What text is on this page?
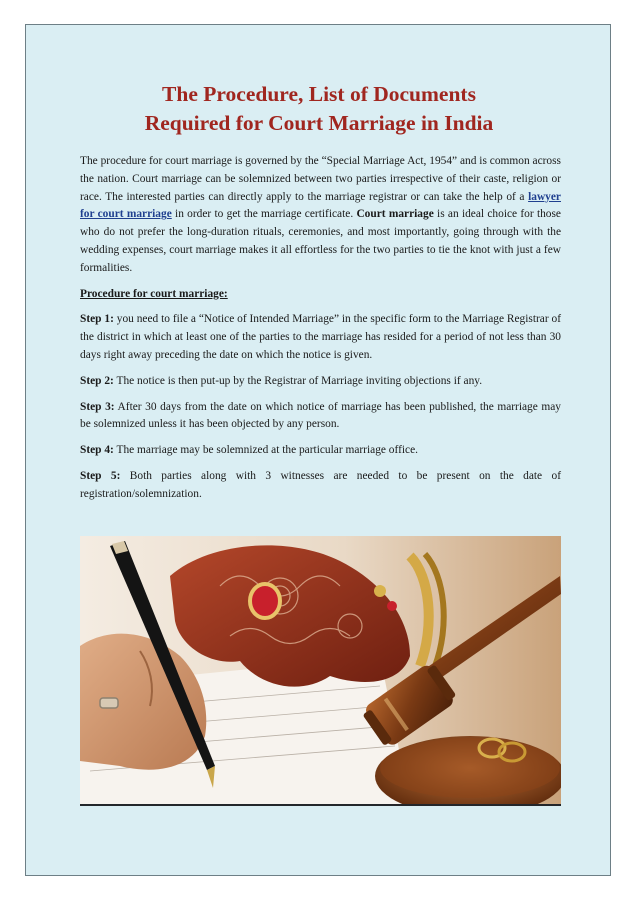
The Procedure, List of Documents
Required for Court Marriage in India

The procedure for court marriage is governed by the “Special Marriage Act, 1954” and is common across the nation. Court marriage can be solemnized between two parties irrespective of their caste, religion or race. The interested parties can directly apply to the marriage registrar or can take the help of a lawyer for court marriage in order to get the marriage certificate. Court marriage is an ideal choice for those who do not prefer the long-duration rituals, ceremonies, and most importantly, going through with the wedding expenses, court marriage makes it all effortless for the two parties to tie the knot with just a few formalities.

Procedure for court marriage:

Step 1: you need to file a “Notice of Intended Marriage” in the specific form to the Marriage Registrar of the district in which at least one of the parties to the marriage has resided for a period of not less than 30 days right away preceding the date on which the notice is given.

Step 2: The notice is then put-up by the Registrar of Marriage inviting objections if any.

Step 3: After 30 days from the date on which notice of marriage has been published, the marriage may be solemnized unless it has been objected by any person.

Step 4: The marriage may be solemnized at the particular marriage office.

Step 5: Both parties along with 3 witnesses are needed to be present on the date of registration/solemnization.
